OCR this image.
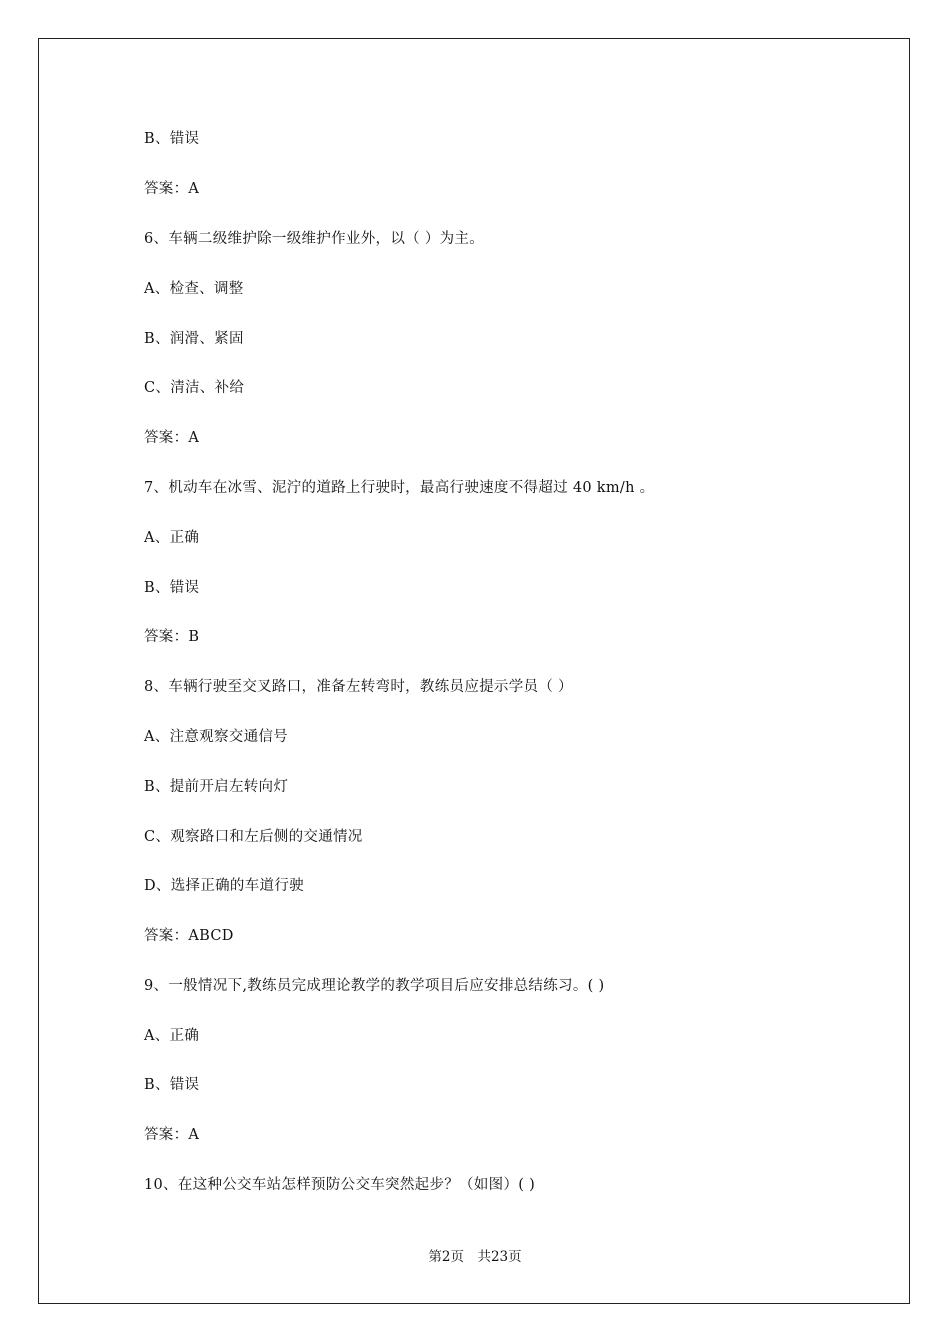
B、错误
答案：A
6、车辆二级维护除一级维护作业外，以（ ）为主。
A、检查、调整
B、润滑、紧固
C、清洁、补给
答案：A
7、机动车在冰雪、泥泞的道路上行驶时，最高行驶速度不得超过 40 km/h 。
A、正确
B、错误
答案：B
8、车辆行驶至交叉路口，准备左转弯时，教练员应提示学员（ ）
A、注意观察交通信号
B、提前开启左转向灯
C、观察路口和左后侧的交通情况
D、选择正确的车道行驶
答案：ABCD
9、一般情况下,教练员完成理论教学的教学项目后应安排总结练习。( )
A、正确
B、错误
答案：A
10、在这种公交车站怎样预防公交车突然起步？（如图）( )
第2页　共23页
